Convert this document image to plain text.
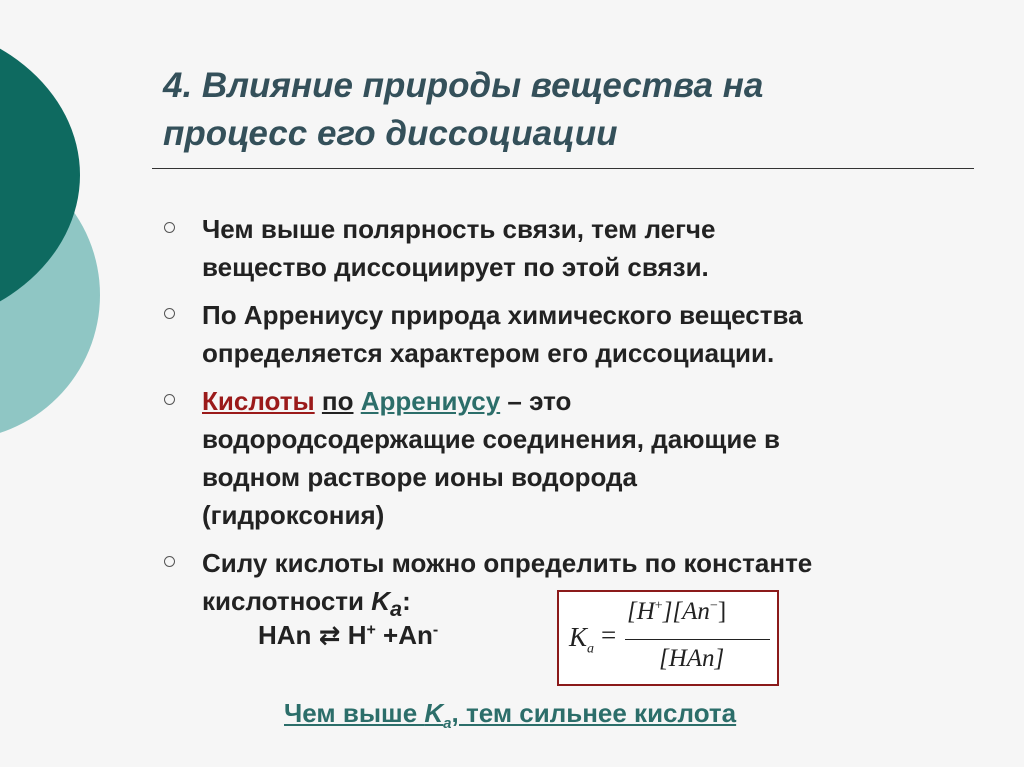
4. Влияние природы вещества на
процесс его диссоциации
Чем выше полярность связи, тем легче
вещество диссоциирует по этой связи.
По Аррениусу природа химического вещества
определяется характером его диссоциации.
Кислоты по Аррениусу – это
водородсодержащие соединения, дающие в
водном растворе ионы водорода
(гидроксония)
Силу кислоты можно определить по константе
кислотности $K_a$:
HAn ⇄ H+ +An-	$K_a$ =
[H+][An−]
[HAn]
Чем выше $K_a$, тем сильнее кислота
